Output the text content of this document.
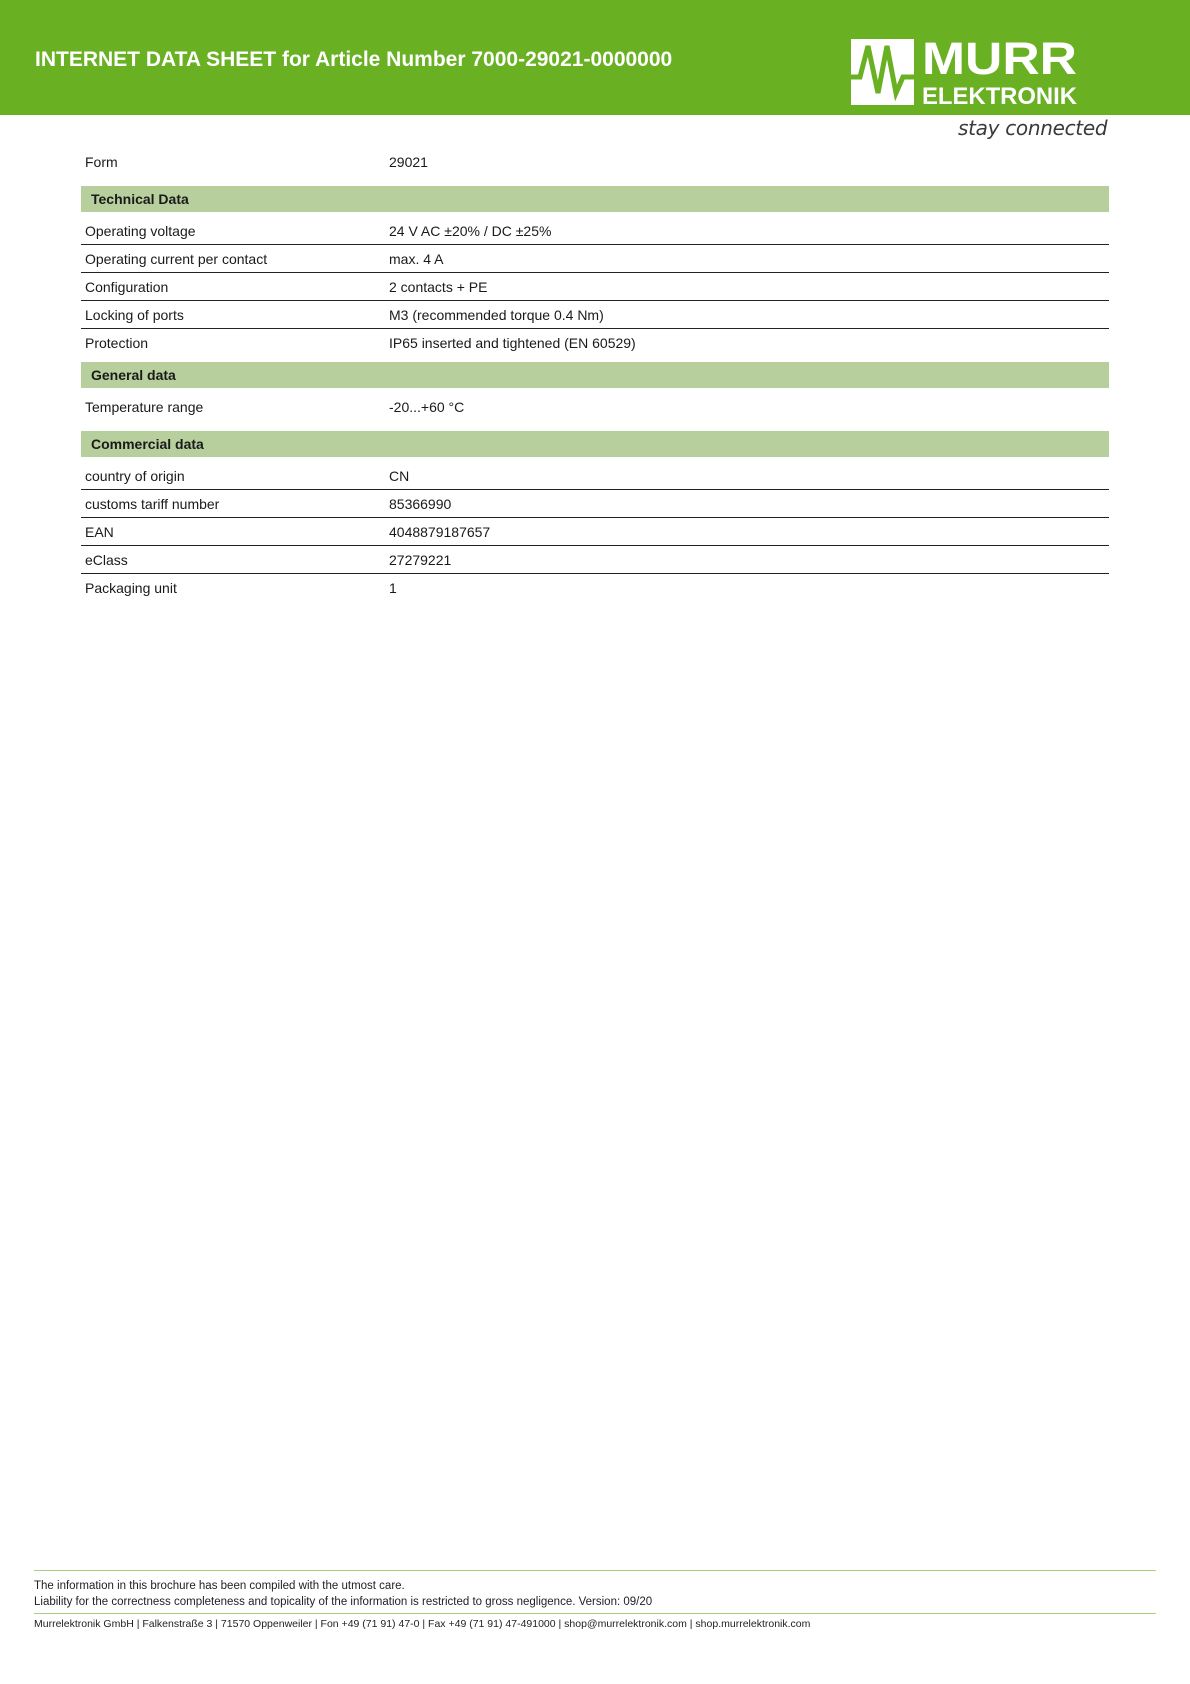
INTERNET DATA SHEET for Article Number 7000-29021-0000000	MURR
ELEKTRONIK
stay connected
Form	29021
Technical Data
Operating voltage	24 V AC ±20% / DC ±25%
Operating current per contact	max. 4 A
Configuration	2 contacts + PE
Locking of ports	M3 (recommended torque 0.4 Nm)
Protection	IP65 inserted and tightened (EN 60529)
General data
Temperature range	-20...+60 °C
Commercial data
country of origin	CN
customs tariff number	85366990
EAN	4048879187657
eClass	27279221
Packaging unit	1
The information in this brochure has been compiled with the utmost care.
Liability for the correctness completeness and topicality of the information is restricted to gross negligence. Version: 09/20
Murrelektronik GmbH | Falkenstraße 3 | 71570 Oppenweiler | Fon +49 (71 91) 47-0 | Fax +49 (71 91) 47-491000 | shop@murrelektronik.com | shop.murrelektronik.com
